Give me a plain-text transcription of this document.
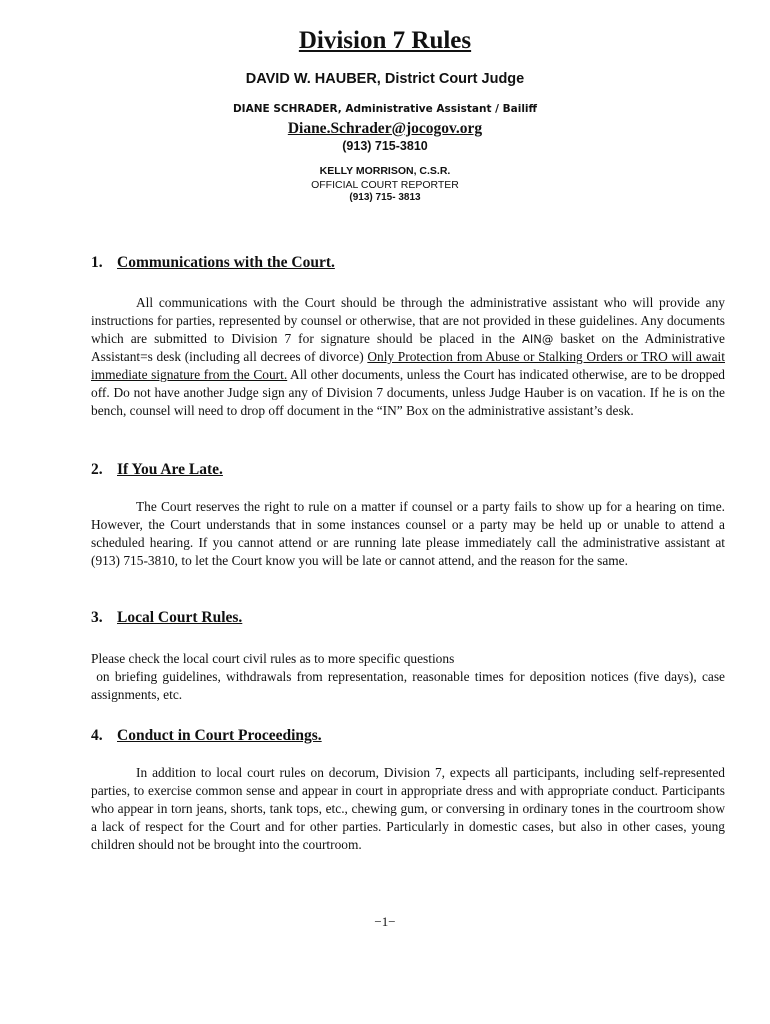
Division 7 Rules

DAVID W. HAUBER, District Court Judge

DIANE SCHRADER, Administrative Assistant / Bailiff

Diane.Schrader@jocogov.org

(913) 715-3810

KELLY MORRISON, C.S.R.

OFFICIAL COURT REPORTER

(913) 715- 3813

1. Communications with the Court.

All communications with the Court should be through the administrative assistant who will provide any instructions for parties, represented by counsel or otherwise, that are not provided in these guidelines. Any documents which are submitted to Division 7 for signature should be placed in the AIN@ basket on the Administrative Assistant=s desk (including all decrees of divorce) Only Protection from Abuse or Stalking Orders or TRO will await immediate signature from the Court. All other documents, unless the Court has indicated otherwise, are to be dropped off. Do not have another Judge sign any of Division 7 documents, unless Judge Hauber is on vacation. If he is on the bench, counsel will need to drop off document in the “IN” Box on the administrative assistant’s desk.

2. If You Are Late.

The Court reserves the right to rule on a matter if counsel or a party fails to show up for a hearing on time. However, the Court understands that in some instances counsel or a party may be held up or unable to attend a scheduled hearing. If you cannot attend or are running late please immediately call the administrative assistant at (913) 715-3810, to let the Court know you will be late or cannot attend, and the reason for the same.

3. Local Court Rules.

Please check the local court civil rules as to more specific questions
on briefing guidelines, withdrawals from representation, reasonable times for deposition notices (five days), case assignments, etc.

4. Conduct in Court Proceedings.

In addition to local court rules on decorum, Division 7, expects all participants, including self-represented parties, to exercise common sense and appear in court in appropriate dress and with appropriate conduct. Participants who appear in torn jeans, shorts, tank tops, etc., chewing gum, or conversing in ordinary tones in the courtroom show a lack of respect for the Court and for other parties. Particularly in domestic cases, but also in other cases, young children should not be brought into the courtroom.

−1−
